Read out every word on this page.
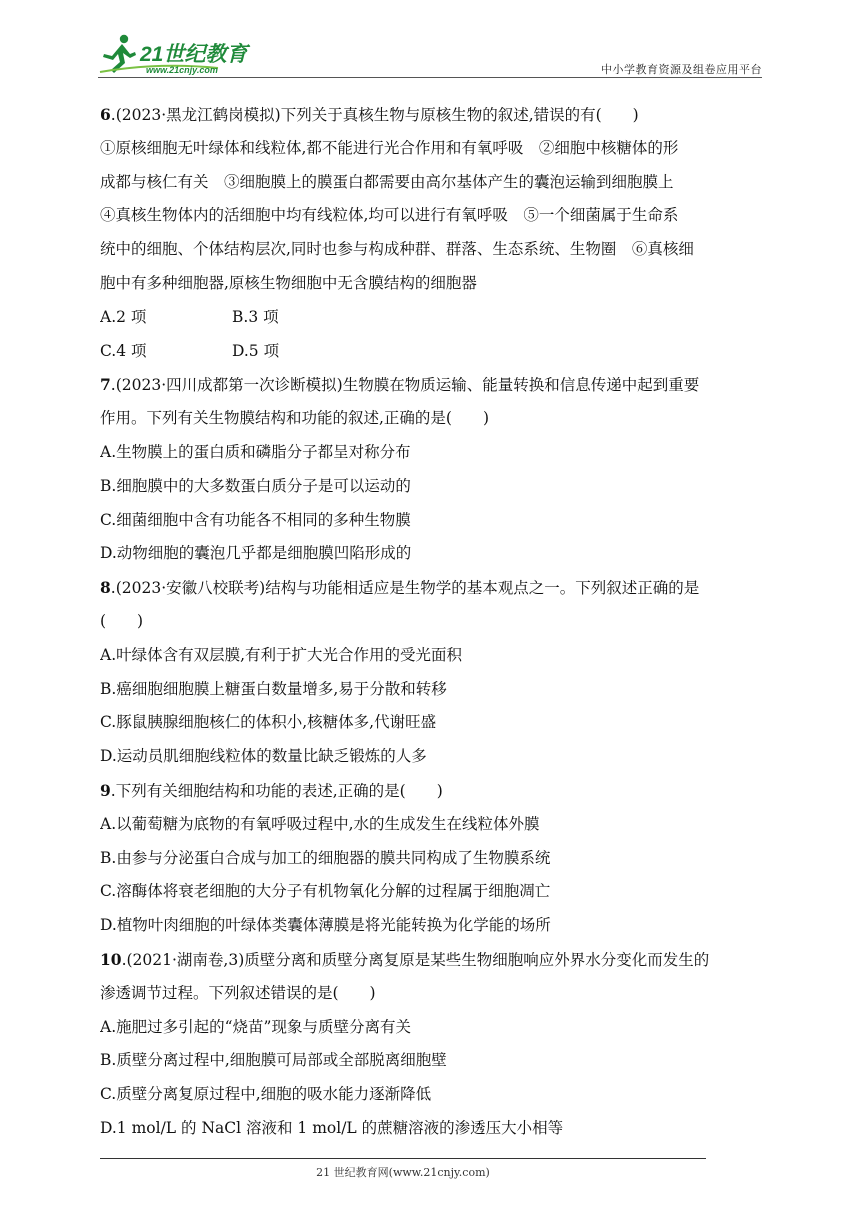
21世纪教育
www.21cnjy.com	中小学教育资源及组卷应用平台
6.(2023·黑龙江鹤岗模拟)下列关于真核生物与原核生物的叙述,错误的有(　　)
①原核细胞无叶绿体和线粒体,都不能进行光合作用和有氧呼吸　②细胞中核糖体的形
成都与核仁有关　③细胞膜上的膜蛋白都需要由高尔基体产生的囊泡运输到细胞膜上
④真核生物体内的活细胞中均有线粒体,均可以进行有氧呼吸　⑤一个细菌属于生命系
统中的细胞、个体结构层次,同时也参与构成种群、群落、生态系统、生物圈　⑥真核细
胞中有多种细胞器,原核生物细胞中无含膜结构的细胞器
A.2 项	B.3 项
C.4 项	D.5 项
7.(2023·四川成都第一次诊断模拟)生物膜在物质运输、能量转换和信息传递中起到重要
作用。下列有关生物膜结构和功能的叙述,正确的是(　　)
A.生物膜上的蛋白质和磷脂分子都呈对称分布
B.细胞膜中的大多数蛋白质分子是可以运动的
C.细菌细胞中含有功能各不相同的多种生物膜
D.动物细胞的囊泡几乎都是细胞膜凹陷形成的
8.(2023·安徽八校联考)结构与功能相适应是生物学的基本观点之一。下列叙述正确的是
(　　)
A.叶绿体含有双层膜,有利于扩大光合作用的受光面积
B.癌细胞细胞膜上糖蛋白数量增多,易于分散和转移
C.豚鼠胰腺细胞核仁的体积小,核糖体多,代谢旺盛
D.运动员肌细胞线粒体的数量比缺乏锻炼的人多
9.下列有关细胞结构和功能的表述,正确的是(　　)
A.以葡萄糖为底物的有氧呼吸过程中,水的生成发生在线粒体外膜
B.由参与分泌蛋白合成与加工的细胞器的膜共同构成了生物膜系统
C.溶酶体将衰老细胞的大分子有机物氧化分解的过程属于细胞凋亡
D.植物叶肉细胞的叶绿体类囊体薄膜是将光能转换为化学能的场所
10.(2021·湖南卷,3)质壁分离和质壁分离复原是某些生物细胞响应外界水分变化而发生的
渗透调节过程。下列叙述错误的是(　　)
A.施肥过多引起的“烧苗”现象与质壁分离有关
B.质壁分离过程中,细胞膜可局部或全部脱离细胞壁
C.质壁分离复原过程中,细胞的吸水能力逐渐降低
D.1 mol/L 的 NaCl 溶液和 1 mol/L 的蔗糖溶液的渗透压大小相等
21 世纪教育网(www.21cnjy.com)
